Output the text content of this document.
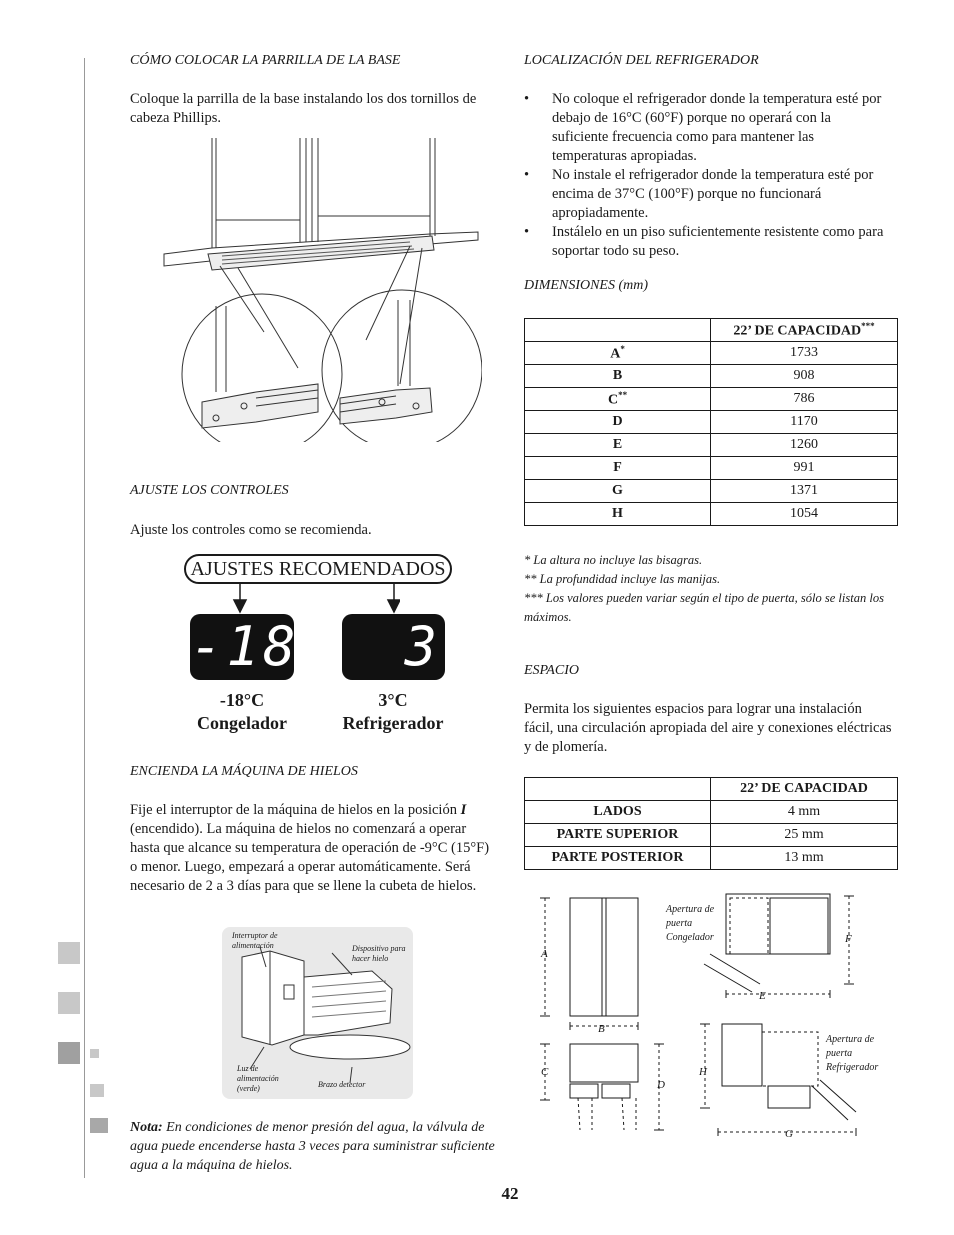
CÓMO COLOCAR LA PARRILLA DE LA BASE
Coloque la parrilla de la base instalando los dos tornillos de cabeza Phillips.
AJUSTE LOS CONTROLES
Ajuste los controles como se recomienda.
AJUSTES RECOMENDADOS
-18	3
-18°C
Congelador
3°C
Refrigerador
ENCIENDA LA MÁQUINA DE HIELOS
Fije el interruptor de la máquina de hielos en la posición I (encendido). La máquina de hielos no comenzará a operar hasta que alcance su temperatura de operación de -9°C (15°F) o menor. Luego, empezará a operar automáticamente. Será necesario de 2 a 3 días para que se llene la cubeta de hielos.
Interruptor de alimentación	Dispositivo para hacer hielo
Luz de alimentación (verde)	Brazo detector
Nota: En condiciones de menor presión del agua, la válvula de agua puede encenderse hasta 3 veces para suministrar suficiente agua a la máquina de hielos.
LOCALIZACIÓN DEL REFRIGERADOR
• No coloque el refrigerador donde la temperatura esté por debajo de 16°C (60°F) porque no operará con la suficiente frecuencia como para mantener las temperaturas apropiadas.
• No instale el refrigerador donde la temperatura esté por encima de 37°C (100°F) porque no funcionará apropiadamente.
• Instálelo en un piso suficientemente resistente como para soportar todo su peso.
DIMENSIONES (mm)
	22’ DE CAPACIDAD***
A*	1733
B	908
C**	786
D	1170
E	1260
F	991
G	1371
H	1054
* La altura no incluye las bisagras.
** La profundidad incluye las manijas.
*** Los valores pueden variar según el tipo de puerta, sólo se listan los máximos.
ESPACIO
Permita los siguientes espacios para lograr una instalación fácil, una circulación apropiada del aire y conexiones eléctricas y de plomería.
	22’ DE CAPACIDAD
LADOS	4 mm
PARTE SUPERIOR	25 mm
PARTE POSTERIOR	13 mm
A
B
C
D
E
F
G
H
Apertura de puerta Congelador
Apertura de puerta Refrigerador
42
